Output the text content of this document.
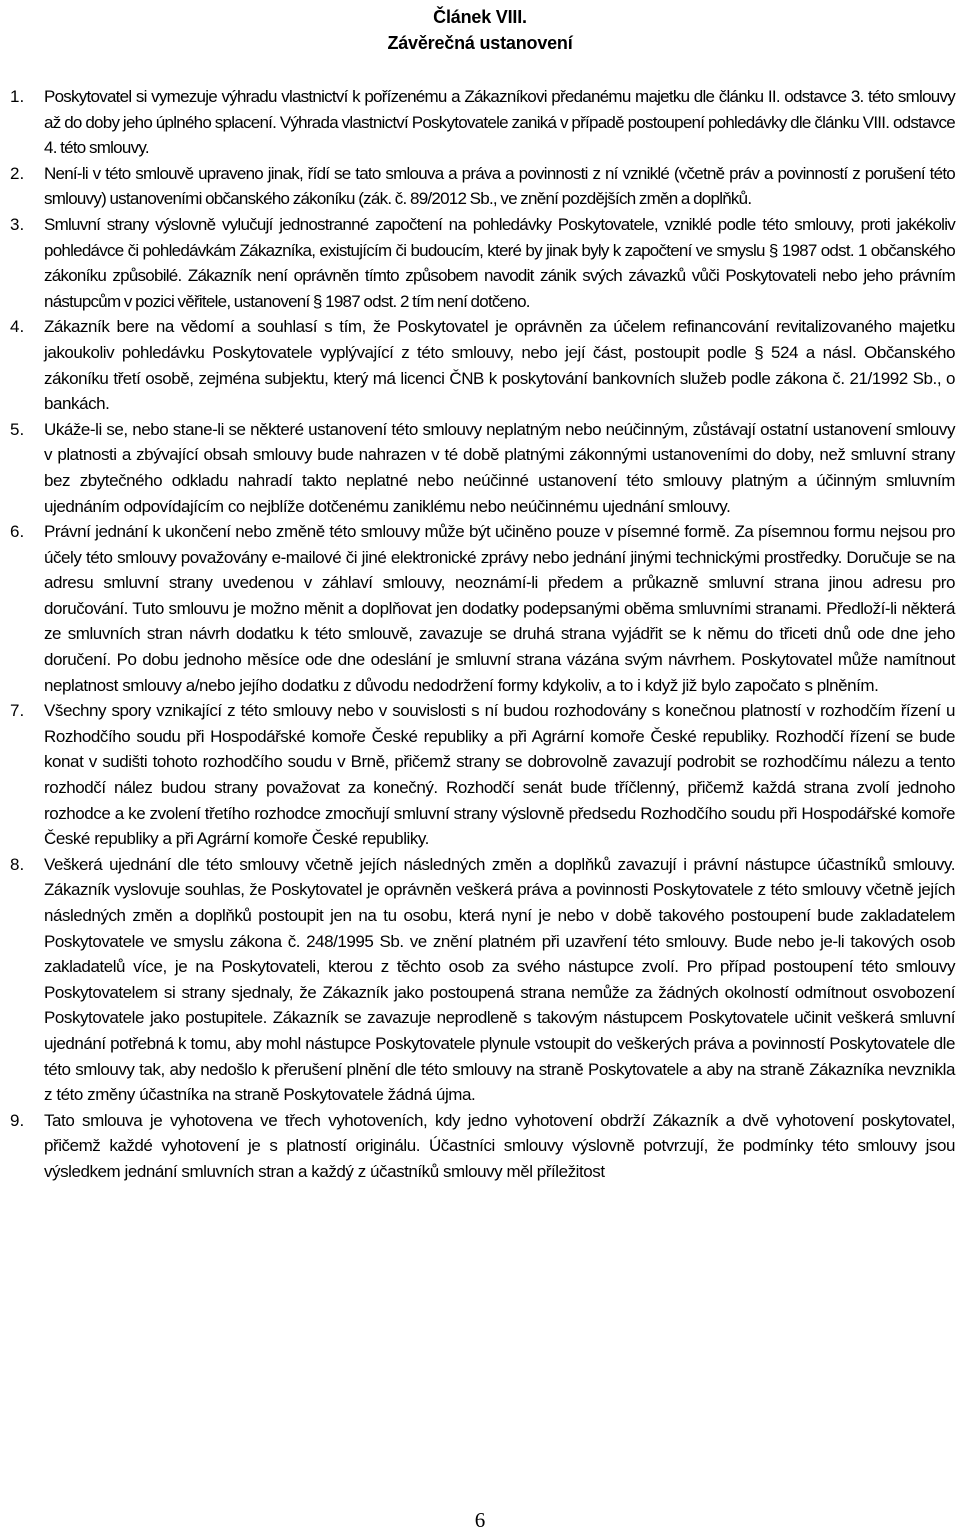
Článek VIII.
Závěrečná ustanovení
1.	Poskytovatel si vymezuje výhradu vlastnictví k pořízenému a Zákazníkovi předanému majetku dle článku II. odstavce 3. této smlouvy až do doby jeho úplného splacení. Výhrada vlastnictví Poskytovatele zaniká v případě postoupení pohledávky dle článku VIII. odstavce 4. této smlouvy.
2.	Není-li v této smlouvě upraveno jinak, řídí se tato smlouva a práva a povinnosti z ní vzniklé (včetně práv a povinností z porušení této smlouvy) ustanoveními občanského zákoníku (zák. č. 89/2012 Sb., ve znění pozdějších změn a doplňků.
3.	Smluvní strany výslovně vylučují jednostranné započtení na pohledávky Poskytovatele, vzniklé podle této smlouvy, proti jakékoliv pohledávce či pohledávkám Zákazníka, existujícím či budoucím, které by jinak byly k započtení ve smyslu § 1987 odst. 1 občanského zákoníku způsobilé. Zákazník není oprávněn tímto způsobem navodit zánik svých závazků vůči Poskytovateli nebo jeho právním nástupcům v pozici věřitele, ustanovení § 1987 odst. 2 tím není dotčeno.
4.	Zákazník bere na vědomí a souhlasí s tím, že Poskytovatel je oprávněn za účelem refinancování revitalizovaného majetku jakoukoliv pohledávku Poskytovatele vyplývající z této smlouvy, nebo její část, postoupit podle § 524 a násl. Občanského zákoníku třetí osobě, zejména subjektu, který má licenci ČNB k poskytování bankovních služeb podle zákona č. 21/1992 Sb., o bankách.
5.	Ukáže-li se, nebo stane-li se některé ustanovení této smlouvy neplatným nebo neúčinným, zůstávají ostatní ustanovení smlouvy v platnosti a zbývající obsah smlouvy bude nahrazen v té době platnými zákonnými ustanoveními do doby, než smluvní strany bez zbytečného odkladu nahradí takto neplatné nebo neúčinné ustanovení této smlouvy platným a účinným smluvním ujednáním odpovídajícím co nejblíže dotčenému zaniklému nebo neúčinnému ujednání smlouvy.
6.	Právní jednání k ukončení nebo změně této smlouvy může být učiněno pouze v písemné formě. Za písemnou formu nejsou pro účely této smlouvy považovány e-mailové či jiné elektronické zprávy nebo jednání jinými technickými prostředky. Doručuje se na adresu smluvní strany uvedenou v záhlaví smlouvy, neoznámí-li předem a průkazně smluvní strana jinou adresu pro doručování. Tuto smlouvu je možno měnit a doplňovat jen dodatky podepsanými oběma smluvními stranami. Předloží-li některá ze smluvních stran návrh dodatku k této smlouvě, zavazuje se druhá strana vyjádřit se k němu do třiceti dnů ode dne jeho doručení. Po dobu jednoho měsíce ode dne odeslání je smluvní strana vázána svým návrhem. Poskytovatel může namítnout neplatnost smlouvy a/nebo jejího dodatku z důvodu nedodržení formy kdykoliv, a to i když již bylo započato s plněním.
7.	Všechny spory vznikající z této smlouvy nebo v souvislosti s ní budou rozhodovány s konečnou platností v rozhodčím řízení u Rozhodčího soudu při Hospodářské komoře České republiky a při Agrární komoře České republiky. Rozhodčí řízení se bude konat v sudišti tohoto rozhodčího soudu v Brně, přičemž strany se dobrovolně zavazují podrobit se rozhodčímu nálezu a tento rozhodčí nález budou strany považovat za konečný. Rozhodčí senát bude tříčlenný, přičemž každá strana zvolí jednoho rozhodce a ke zvolení třetího rozhodce zmocňují smluvní strany výslovně předsedu Rozhodčího soudu při Hospodářské komoře České republiky a při Agrární komoře České republiky.
8.	Veškerá ujednání dle této smlouvy včetně jejích následných změn a doplňků zavazují i právní nástupce účastníků smlouvy. Zákazník vyslovuje souhlas, že Poskytovatel je oprávněn veškerá práva a povinnosti Poskytovatele z této smlouvy včetně jejích následných změn a doplňků postoupit jen na tu osobu, která nyní je nebo v době takového postoupení bude zakladatelem Poskytovatele ve smyslu zákona č. 248/1995 Sb. ve znění platném při uzavření této smlouvy. Bude nebo je-li takových osob zakladatelů více, je na Poskytovateli, kterou z těchto osob za svého nástupce zvolí. Pro případ postoupení této smlouvy Poskytovatelem si strany sjednaly, že Zákazník jako postoupená strana nemůže za žádných okolností odmítnout osvobození Poskytovatele jako postupitele. Zákazník se zavazuje neprodleně s takovým nástupcem Poskytovatele učinit veškerá smluvní ujednání potřebná k tomu, aby mohl nástupce Poskytovatele plynule vstoupit do veškerých práva a povinností Poskytovatele dle této smlouvy tak, aby nedošlo k přerušení plnění dle této smlouvy na straně Poskytovatele a aby na straně Zákazníka nevznikla z této změny účastníka na straně Poskytovatele žádná újma.
9.	Tato smlouva je vyhotovena ve třech vyhotoveních, kdy jedno vyhotovení obdrží Zákazník a dvě vyhotovení poskytovatel, přičemž každé vyhotovení je s platností originálu. Účastníci smlouvy výslovně potvrzují, že podmínky této smlouvy jsou výsledkem jednání smluvních stran a každý z účastníků smlouvy měl příležitost
6
